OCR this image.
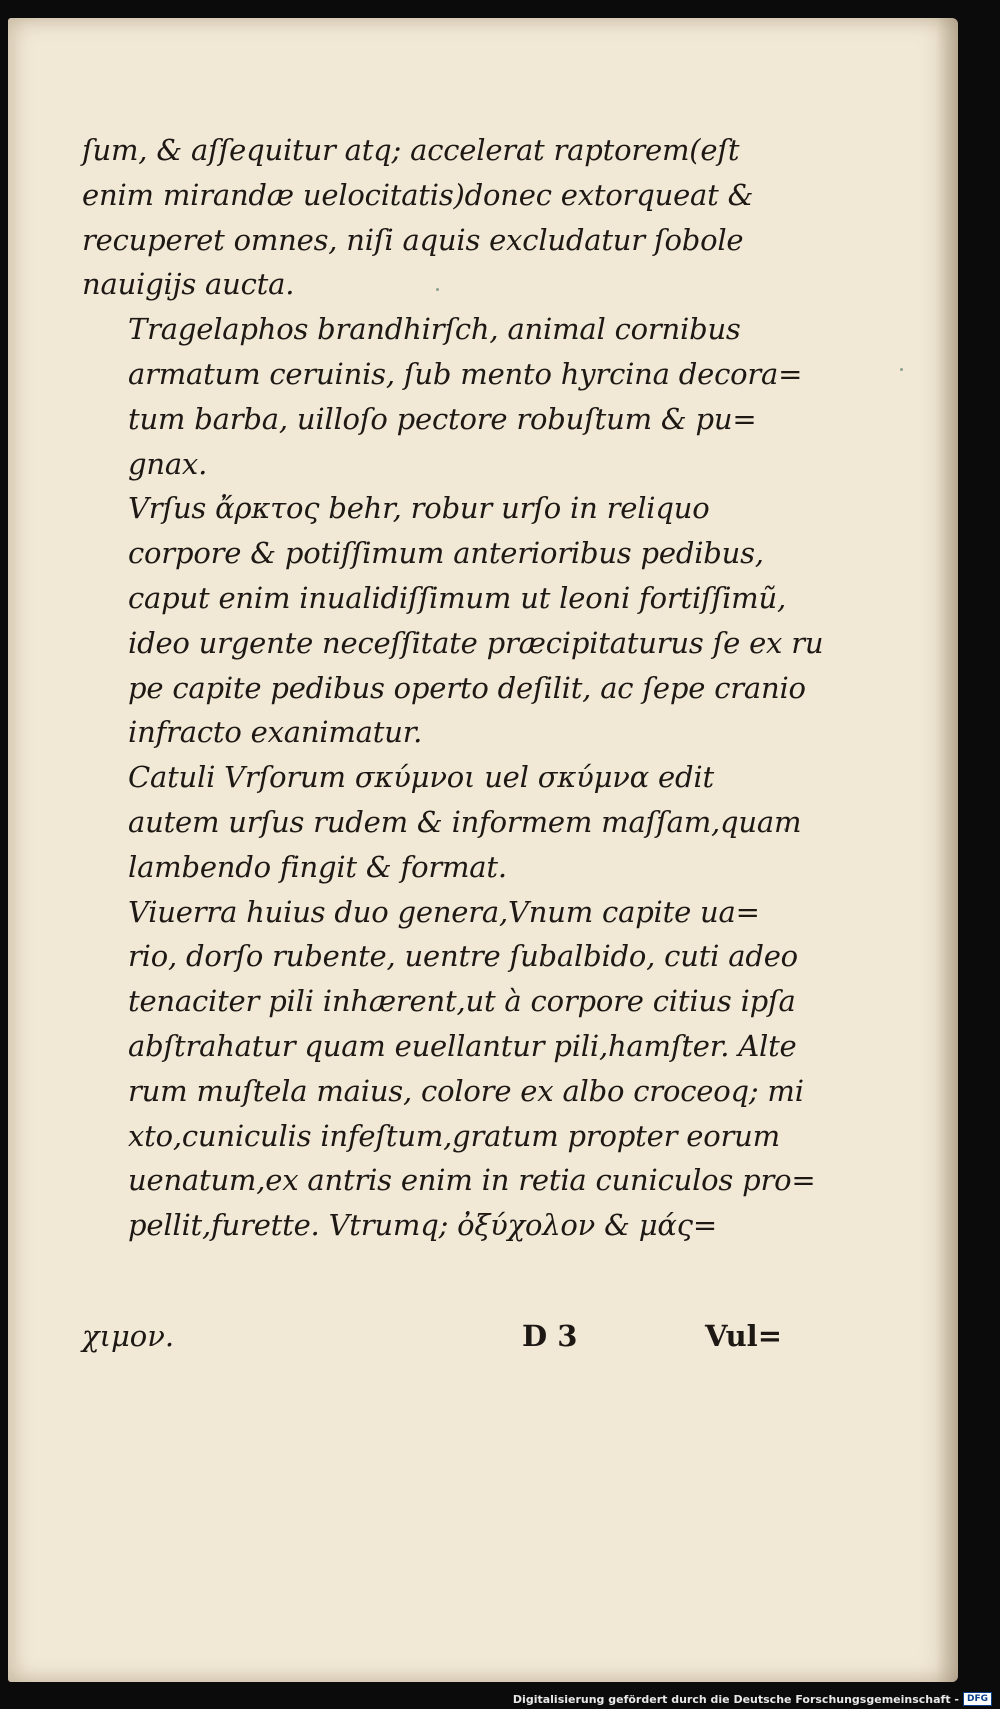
ſum, & aſſequitur atq; accelerat raptorem(eſt
enim mirandæ uelocitatis)donec extorqueat &
recuperet omnes, niſi aquis excludatur ſobole
nauigijs aucta.

Tragelaphos brandhirſch, animal cornibus
armatum ceruinis, ſub mento hyrcina decora=
tum barba, uilloſo pectore robuſtum & pu=
gnax.

Vrſus ἄρκτος behr, robur urſo in reliquo
corpore & potiſſimum anterioribus pedibus,
caput enim inualidiſſimum ut leoni fortiſſimũ,
ideo urgente neceſſitate præcipitaturus ſe ex ru
pe capite pedibus operto deſilit, ac ſepe cranio
infracto exanimatur.

Catuli Vrſorum σκύμνοι uel σκύμνα edit
autem urſus rudem & informem maſſam,quam
lambendo fingit & format.

Viuerra huius duo genera,Vnum capite ua=
rio, dorſo rubente, uentre ſubalbido, cuti adeo
tenaciter pili inhærent,ut à corpore citius ipſa
abſtrahatur quam euellantur pili,hamſter. Alte
rum muſtela maius, colore ex albo croceoq; mi
xto,cuniculis infeſtum,gratum propter eorum
uenatum,ex antris enim in retia cuniculos pro=
pellit,furette. Vtrumq; ὀξύχολον & μάς=

χιμον.	D 3	Vul=
Digitalisierung gefördert durch die Deutsche Forschungsgemeinschaft - DFG
